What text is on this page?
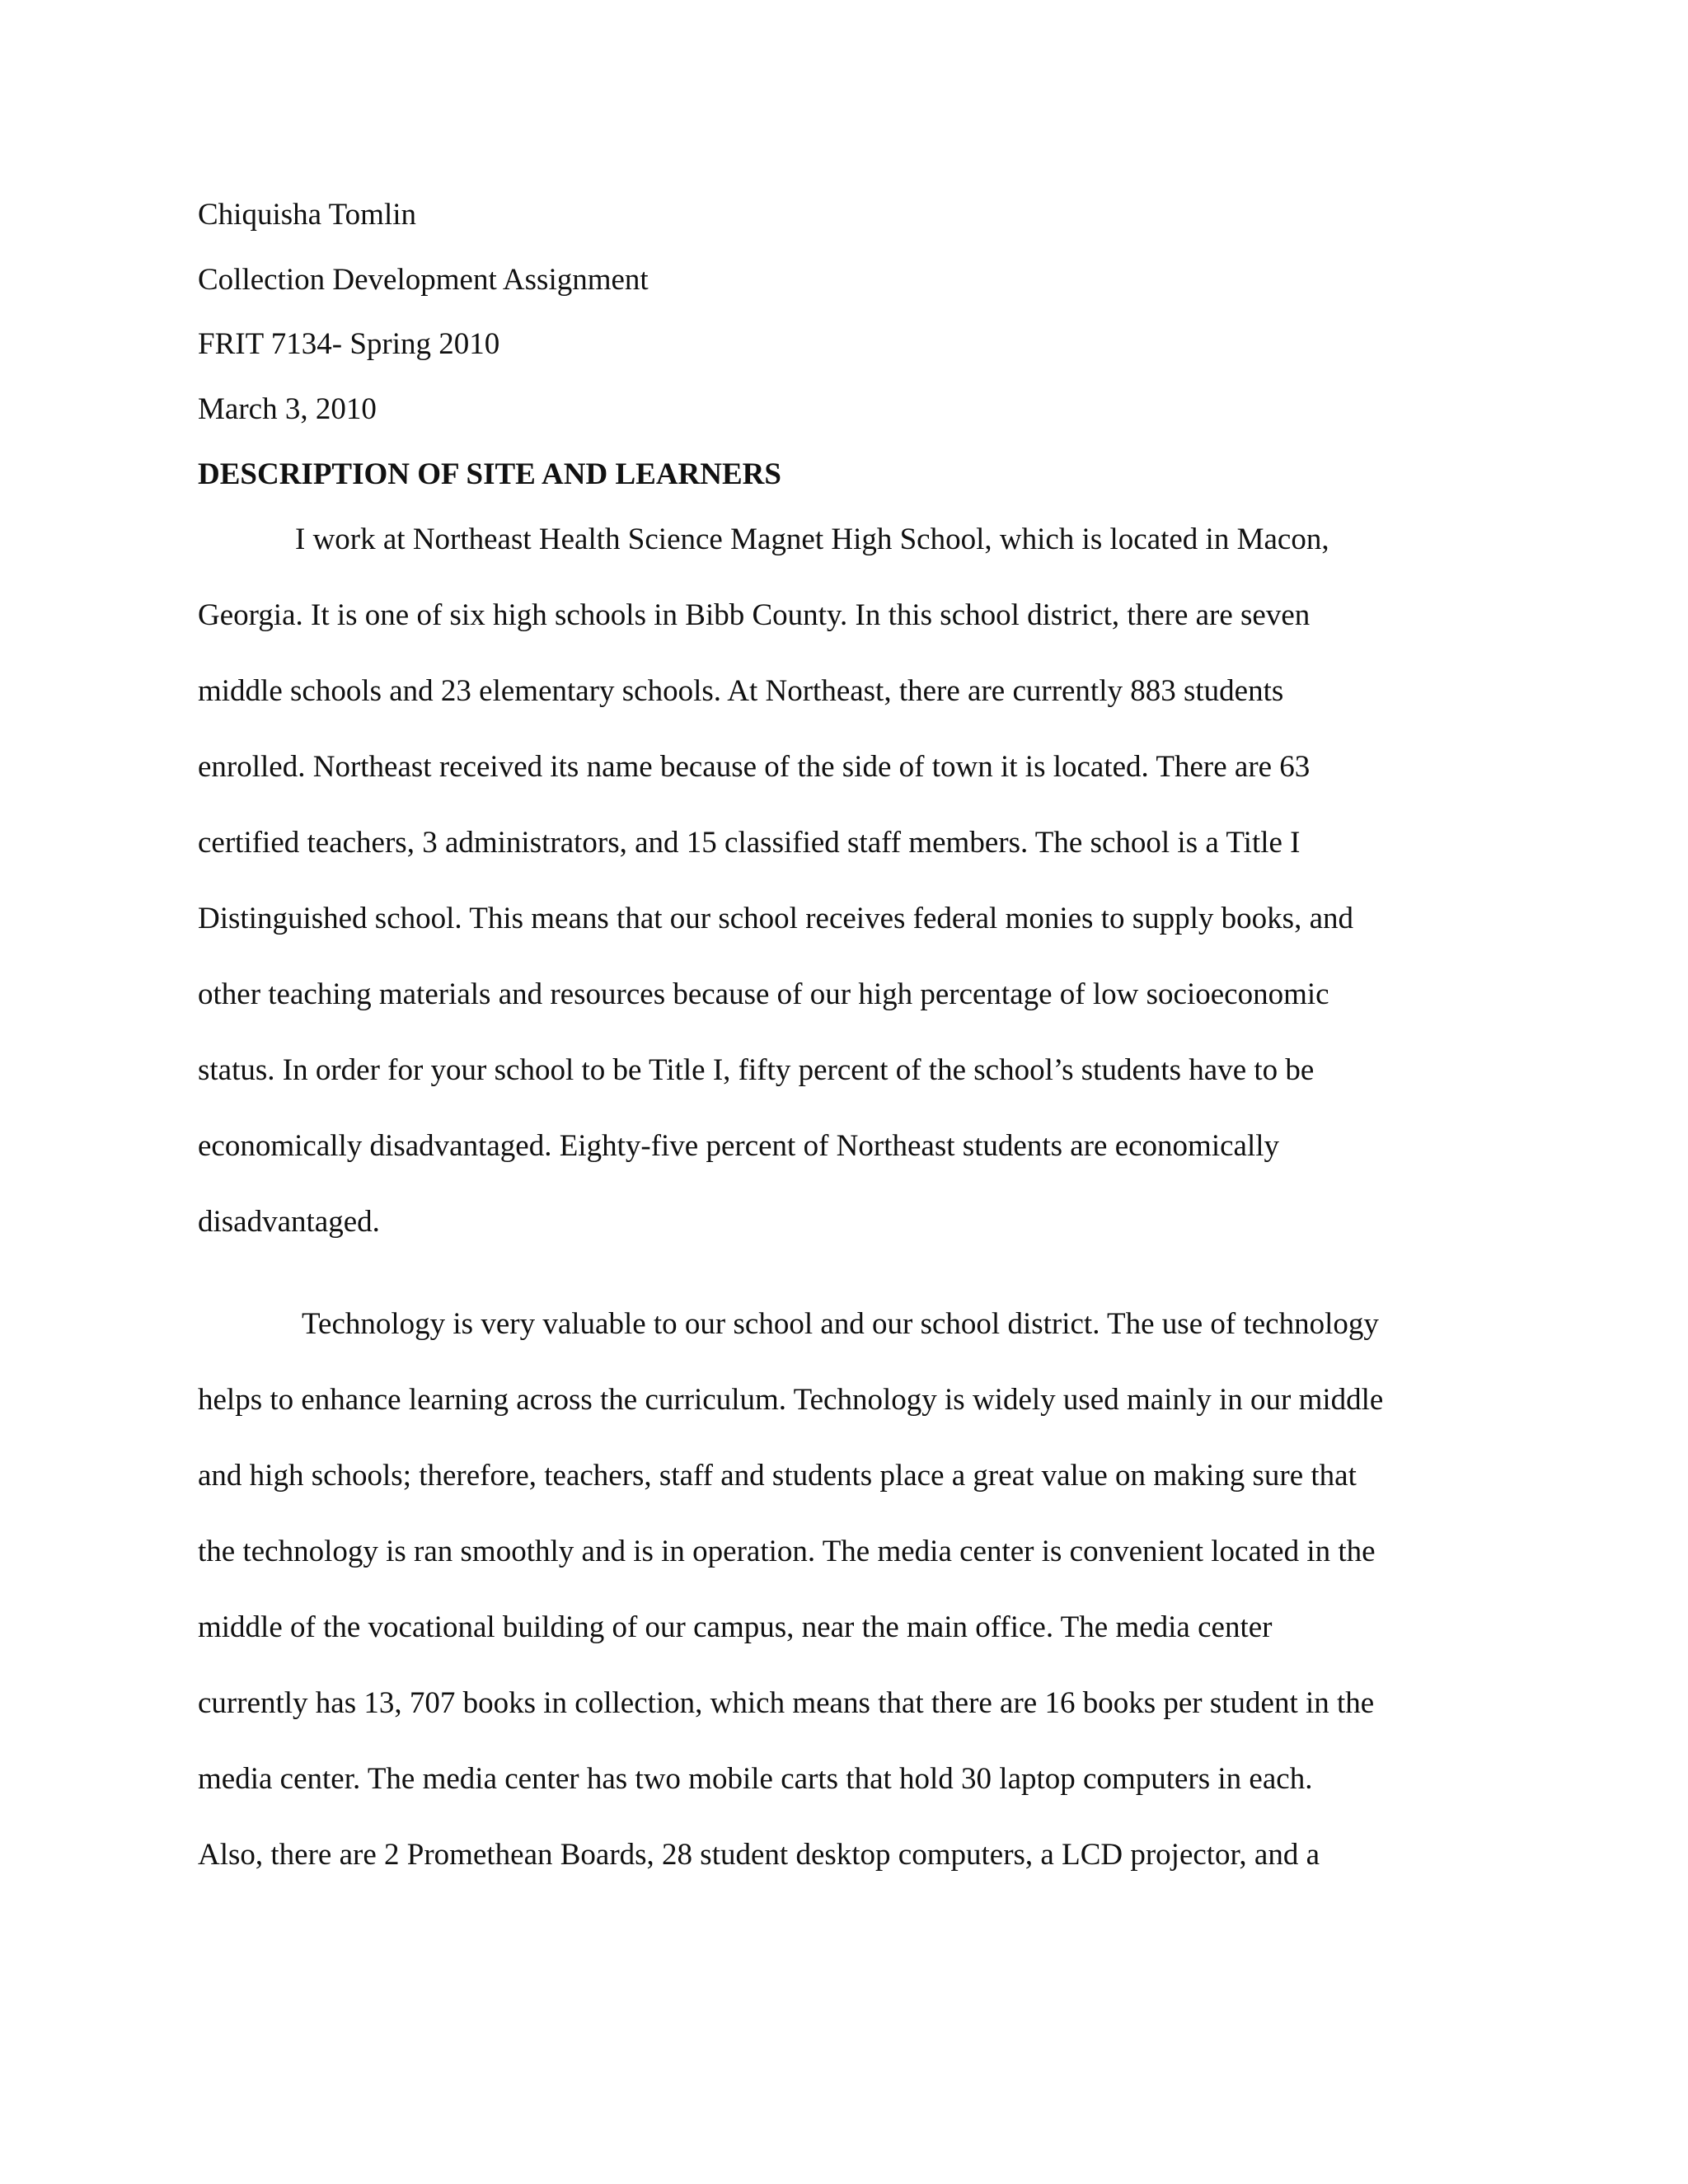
Chiquisha Tomlin

Collection Development Assignment

FRIT 7134- Spring 2010

March 3, 2010

DESCRIPTION OF SITE AND LEARNERS

I work at Northeast Health Science Magnet High School, which is located in Macon,

Georgia. It is one of six high schools in Bibb County. In this school district, there are seven

middle schools and 23 elementary schools. At Northeast, there are currently 883 students

enrolled. Northeast received its name because of the side of town it is located. There are 63

certified teachers, 3 administrators, and 15 classified staff members. The school is a Title I

Distinguished school. This means that our school receives federal monies to supply books, and

other teaching materials and resources because of our high percentage of low socioeconomic

status. In order for your school to be Title I, fifty percent of the school’s students have to be

economically disadvantaged. Eighty-five percent of Northeast students are economically

disadvantaged.

Technology is very valuable to our school and our school district. The use of technology

helps to enhance learning across the curriculum. Technology is widely used mainly in our middle

and high schools; therefore, teachers, staff and students place a great value on making sure that

the technology is ran smoothly and is in operation. The media center is convenient located in the

middle of the vocational building of our campus, near the main office. The media center

currently has 13, 707 books in collection, which means that there are 16 books per student in the

media center. The media center has two mobile carts that hold 30 laptop computers in each.

Also, there are 2 Promethean Boards, 28 student desktop computers, a LCD projector, and a
